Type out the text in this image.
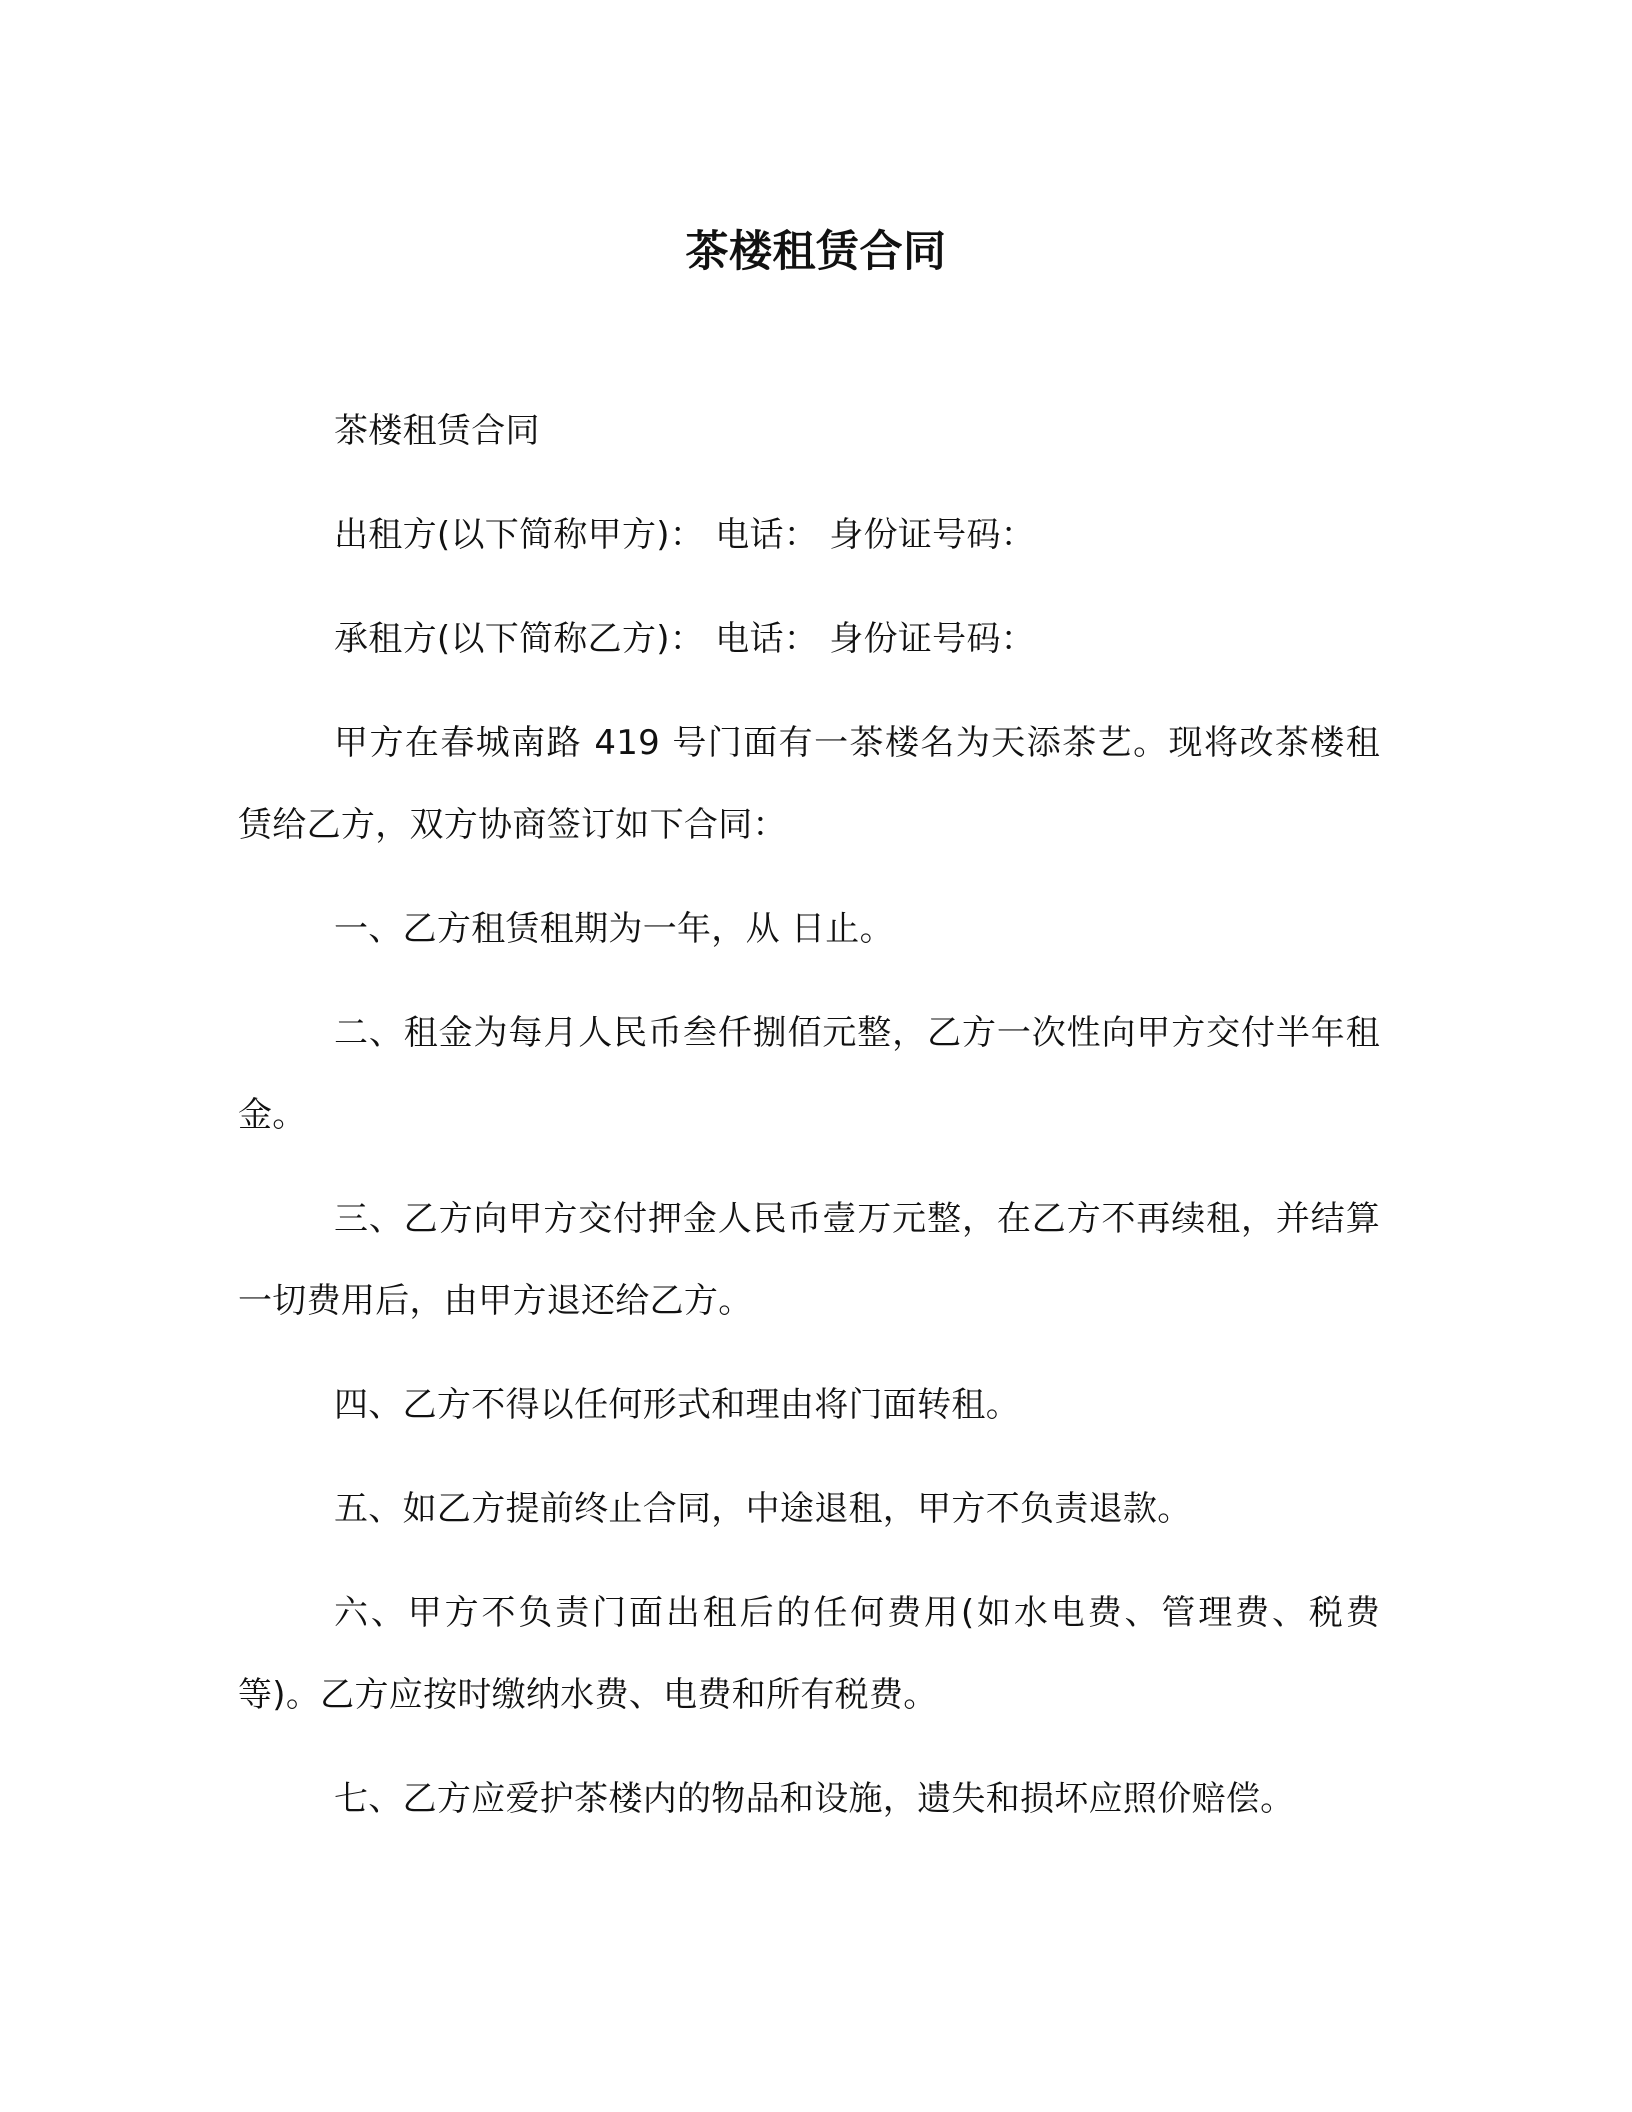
茶楼租赁合同

茶楼租赁合同

出租方(以下简称甲方)： 电话： 身份证号码：

承租方(以下简称乙方)： 电话： 身份证号码：

甲方在春城南路 419 号门面有一茶楼名为天添茶艺。现将改茶楼租赁给乙方，双方协商签订如下合同：

一、乙方租赁租期为一年，从 日止。

二、租金为每月人民币叁仟捌佰元整，乙方一次性向甲方交付半年租金。

三、乙方向甲方交付押金人民币壹万元整，在乙方不再续租，并结算一切费用后，由甲方退还给乙方。

四、乙方不得以任何形式和理由将门面转租。

五、如乙方提前终止合同，中途退租，甲方不负责退款。

六、甲方不负责门面出租后的任何费用(如水电费、管理费、税费等)。乙方应按时缴纳水费、电费和所有税费。

七、乙方应爱护茶楼内的物品和设施，遗失和损坏应照价赔偿。
